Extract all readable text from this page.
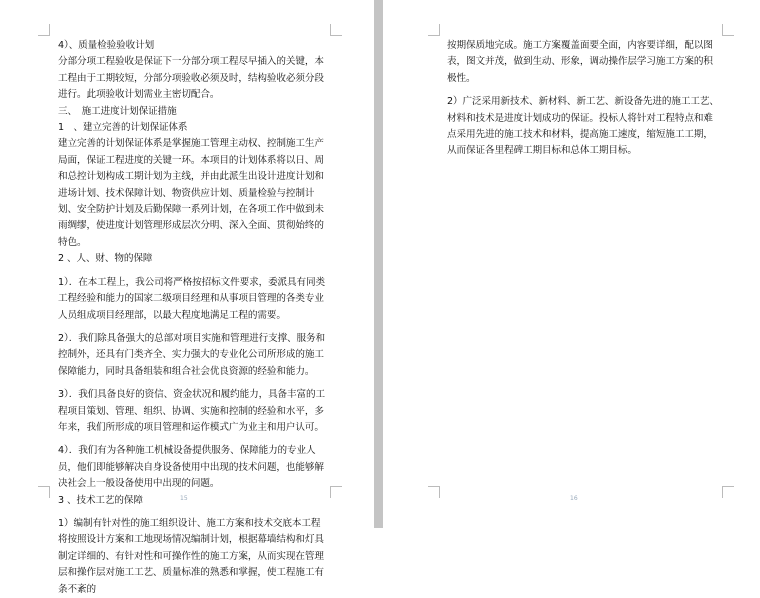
4）、质量检验验收计划

分部分项工程验收是保证下一分部分项工程尽早插入的关键，本工程由于工期较短，分部分项验收必须及时，结构验收必须分段进行。此项验收计划需业主密切配合。

三、　施工进度计划保证措施

1　、建立完善的计划保证体系

建立完善的计划保证体系是掌握施工管理主动权、控制施工生产局面，保证工程进度的关键一环。本项目的计划体系将以日、周和总控计划构成工期计划为主线，并由此派生出设计进度计划和进场计划、技术保障计划、物资供应计划、质量检验与控制计划、安全防护计划及后勤保障一系列计划，在各项工作中做到未雨绸缪，使进度计划管理形成层次分明、深入全面、贯彻始终的特色。

2 、人、财、物的保障

1）．在本工程上，我公司将严格按招标文件要求，委派具有同类工程经验和能力的国家二级项目经理和从事项目管理的各类专业人员组成项目经理部，以最大程度地满足工程的需要。

2）．我们除具备强大的总部对项目实施和管理进行支撑、服务和控制外，还具有门类齐全、实力强大的专业化公司所形成的施工保障能力，同时具备组装和组合社会优良资源的经验和能力。

3）．我们具备良好的资信、资金状况和履约能力，具备丰富的工程项目策划、管理、组织、协调、实施和控制的经验和水平，多年来，我们所形成的项目管理和运作模式广为业主和用户认可。

4）．我们有为各种施工机械设备提供服务、保障能力的专业人员，他们即能够解决自身设备使用中出现的技术问题，也能够解决社会上一般设备使用中出现的问题。

3 、技术工艺的保障

1）编制有针对性的施工组织设计、施工方案和技术交底本工程将按照设计方案和工地现场情况编制计划，根据幕墙结构和灯具制定详细的、有针对性和可操作性的施工方案，从而实现在管理层和操作层对施工工艺、质量标准的熟悉和掌握，使工程施工有条不紊的

15

按期保质地完成。施工方案覆盖面要全面，内容要详细，配以图表，图文并茂，做到生动、形象，调动操作层学习施工方案的积极性。

2）广泛采用新技术、新材料、新工艺、新设备先进的施工工艺、材料和技术是进度计划成功的保证。投标人将针对工程特点和难点采用先进的施工技术和材料，提高施工速度，缩短施工工期，从而保证各里程碑工期目标和总体工期目标。

16
